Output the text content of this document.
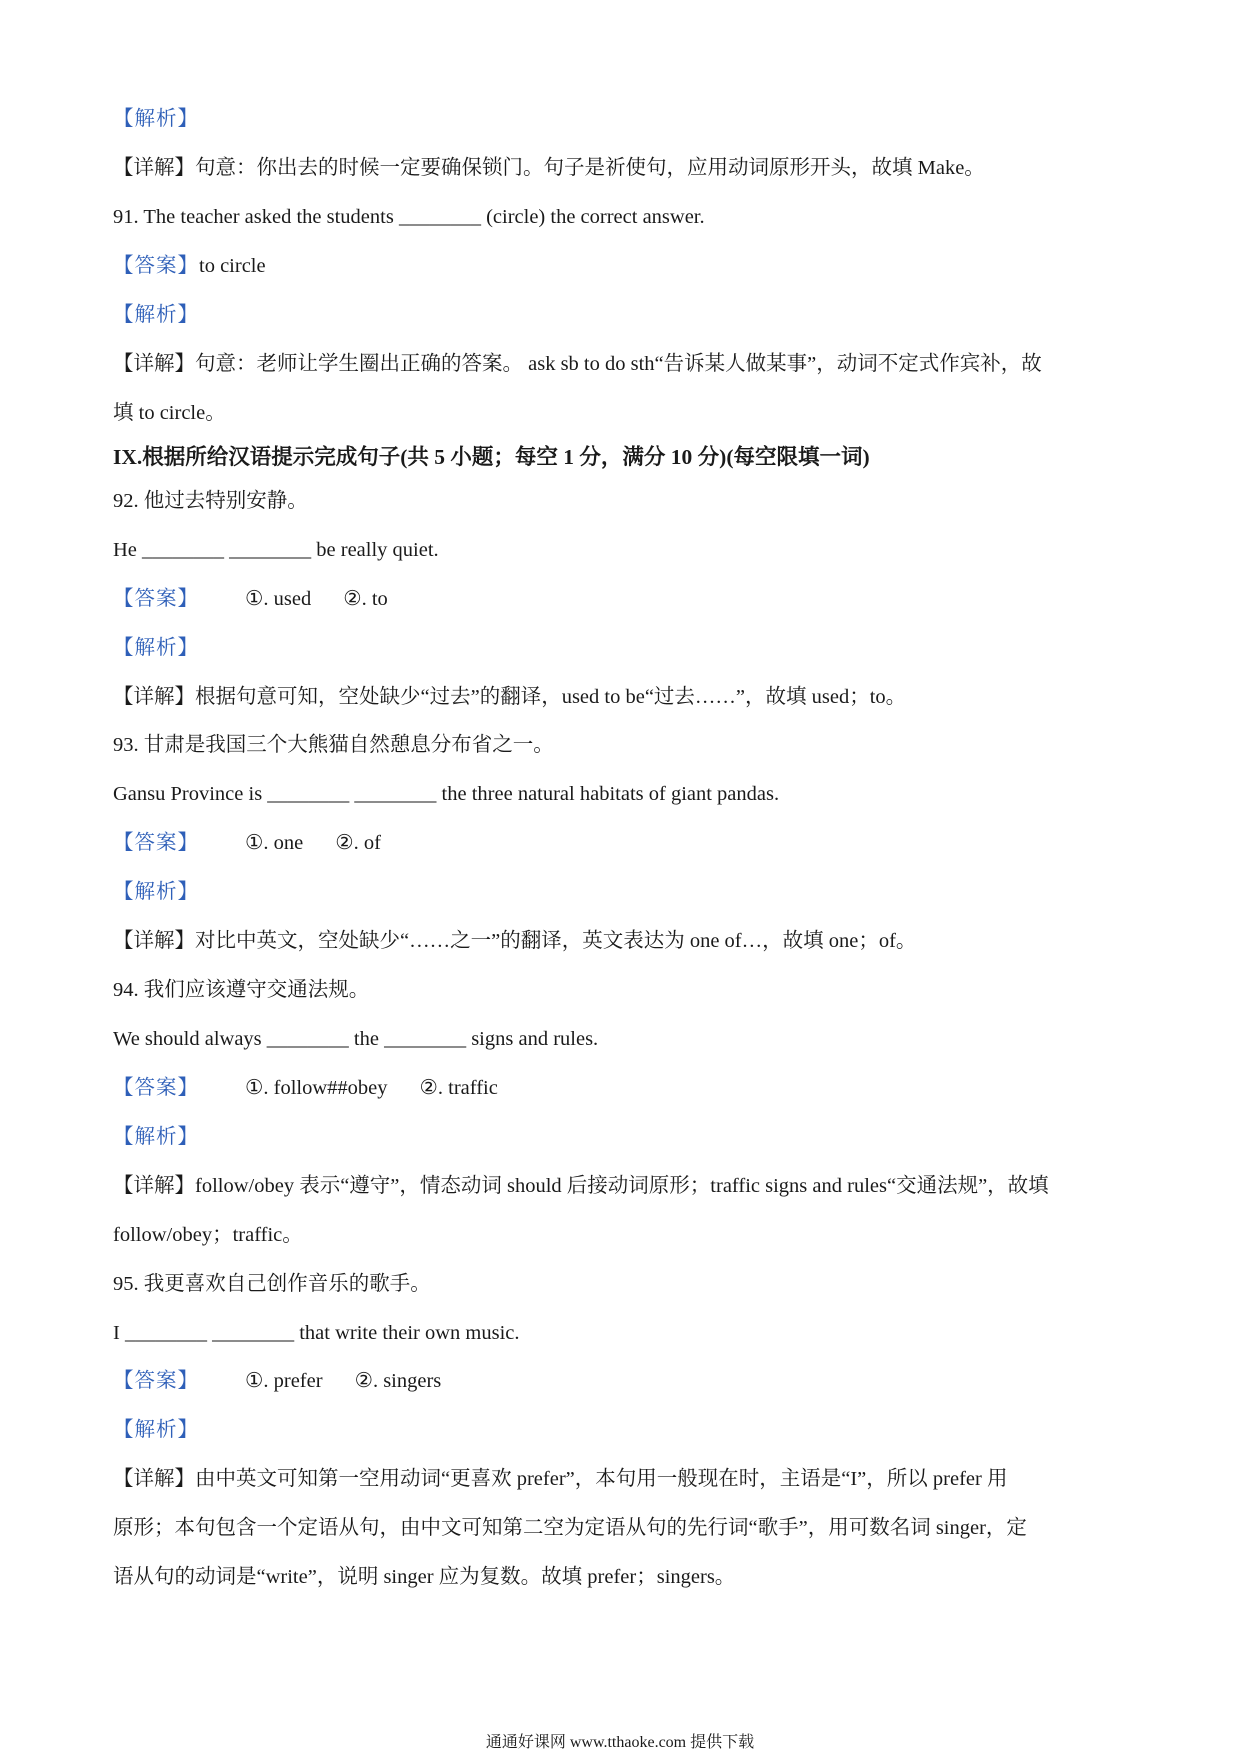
【解析】
【详解】句意：你出去的时候一定要确保锁门。句子是祈使句，应用动词原形开头，故填 Make。
91. The teacher asked the students ________ (circle) the correct answer.
【答案】to circle
【解析】
【详解】句意：老师让学生圈出正确的答案。 ask sb to do sth“告诉某人做某事”，动词不定式作宾补，故
填 to circle。
IX.根据所给汉语提示完成句子(共 5 小题；每空 1 分，满分 10 分)(每空限填一词)
92. 他过去特别安静。
He ________ ________ be really quiet.
【答案】 ①. used ②. to
【解析】
【详解】根据句意可知，空处缺少“过去”的翻译，used to be“过去……”，故填 used；to。
93. 甘肃是我国三个大熊猫自然憩息分布省之一。
Gansu Province is ________ ________ the three natural habitats of giant pandas.
【答案】 ①. one ②. of
【解析】
【详解】对比中英文，空处缺少“……之一”的翻译，英文表达为 one of…，故填 one；of。
94. 我们应该遵守交通法规。
We should always ________ the ________ signs and rules.
【答案】 ①. follow##obey ②. traffic
【解析】
【详解】follow/obey 表示“遵守”，情态动词 should 后接动词原形；traffic signs and rules“交通法规”，故填
follow/obey；traffic。
95. 我更喜欢自己创作音乐的歌手。
I ________ ________ that write their own music.
【答案】 ①. prefer ②. singers
【解析】
【详解】由中英文可知第一空用动词“更喜欢 prefer”，本句用一般现在时，主语是“I”，所以 prefer 用
原形；本句包含一个定语从句，由中文可知第二空为定语从句的先行词“歌手”，用可数名词 singer，定
语从句的动词是“write”，说明 singer 应为复数。故填 prefer；singers。
通通好课网 www.tthaoke.com 提供下载
